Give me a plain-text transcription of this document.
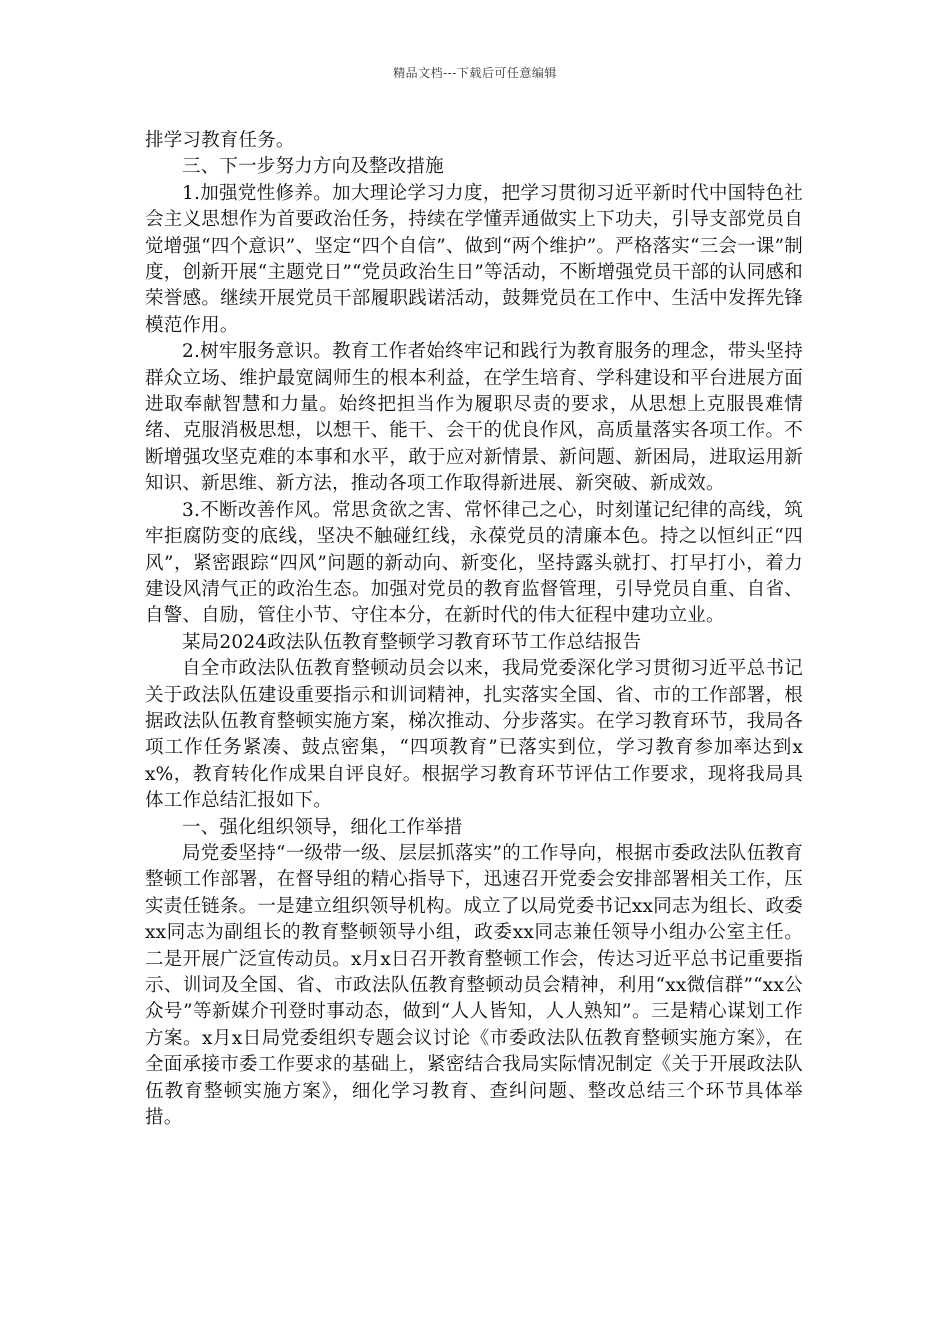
精品文档---下载后可任意编辑

排学习教育任务。

三、下一步努力方向及整改措施

1.加强党性修养。加大理论学习力度，把学习贯彻习近平新时代中国特色社会主义思想作为首要政治任务，持续在学懂弄通做实上下功夫，引导支部党员自觉增强“四个意识”、坚定“四个自信”、做到“两个维护”。严格落实“三会一课”制度，创新开展“主题党日”“党员政治生日”等活动，不断增强党员干部的认同感和荣誉感。继续开展党员干部履职践诺活动，鼓舞党员在工作中、生活中发挥先锋模范作用。

2.树牢服务意识。教育工作者始终牢记和践行为教育服务的理念，带头坚持群众立场、维护最宽阔师生的根本利益，在学生培育、学科建设和平台进展方面进取奉献智慧和力量。始终把担当作为履职尽责的要求，从思想上克服畏难情绪、克服消极思想，以想干、能干、会干的优良作风，高质量落实各项工作。不断增强攻坚克难的本事和水平，敢于应对新情景、新问题、新困局，进取运用新知识、新思维、新方法，推动各项工作取得新进展、新突破、新成效。

3.不断改善作风。常思贪欲之害、常怀律己之心，时刻谨记纪律的高线，筑牢拒腐防变的底线，坚决不触碰红线，永葆党员的清廉本色。持之以恒纠正“四风”，紧密跟踪“四风”问题的新动向、新变化，坚持露头就打、打早打小，着力建设风清气正的政治生态。加强对党员的教育监督管理，引导党员自重、自省、自警、自励，管住小节、守住本分，在新时代的伟大征程中建功立业。

某局2024政法队伍教育整顿学习教育环节工作总结报告

自全市政法队伍教育整顿动员会以来，我局党委深化学习贯彻习近平总书记关于政法队伍建设重要指示和训词精神，扎实落实全国、省、市的工作部署，根据政法队伍教育整顿实施方案，梯次推动、分步落实。在学习教育环节，我局各项工作任务紧凑、鼓点密集，“四项教育”已落实到位，学习教育参加率达到xx%，教育转化作成果自评良好。根据学习教育环节评估工作要求，现将我局具体工作总结汇报如下。

一、强化组织领导，细化工作举措

局党委坚持“一级带一级、层层抓落实”的工作导向，根据市委政法队伍教育整顿工作部署，在督导组的精心指导下，迅速召开党委会安排部署相关工作，压实责任链条。一是建立组织领导机构。成立了以局党委书记xx同志为组长、政委xx同志为副组长的教育整顿领导小组，政委xx同志兼任领导小组办公室主任。二是开展广泛宣传动员。x月x日召开教育整顿工作会，传达习近平总书记重要指示、训词及全国、省、市政法队伍教育整顿动员会精神，利用“xx微信群”“xx公众号”等新媒介刊登时事动态，做到“人人皆知，人人熟知”。三是精心谋划工作方案。x月x日局党委组织专题会议讨论《市委政法队伍教育整顿实施方案》，在全面承接市委工作要求的基础上，紧密结合我局实际情况制定《关于开展政法队伍教育整顿实施方案》，细化学习教育、查纠问题、整改总结三个环节具体举措。
